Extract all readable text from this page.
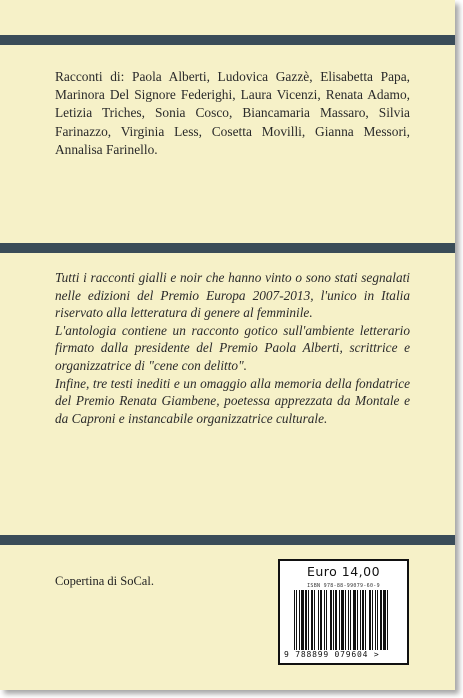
Racconti di: Paola Alberti, Ludovica Gazzè, Elisabetta Papa, Marinora Del Signore Federighi, Laura Vicenzi, Renata Adamo, Letizia Triches, Sonia Cosco, Biancamaria Massaro, Silvia Farinazzo, Virginia Less, Cosetta Movilli, Gianna Messori, Annalisa Farinello.

Tutti i racconti gialli e noir che hanno vinto o sono stati segnalati nelle edizioni del Premio Europa 2007-2013, l'unico in Italia riservato alla letteratura di genere al femminile.

L'antologia contiene un racconto gotico sull'ambiente letterario firmato dalla presidente del Premio Paola Alberti, scrittrice e organizzatrice di "cene con delitto".

Infine, tre testi inediti e un omaggio alla memoria della fondatrice del Premio Renata Giambene, poetessa apprezzata da Montale e da Caproni e instancabile organizzatrice culturale.

Copertina di SoCal.
Euro 14,00
ISBN 978-88-99079-60-9
9 788899 079604 >
